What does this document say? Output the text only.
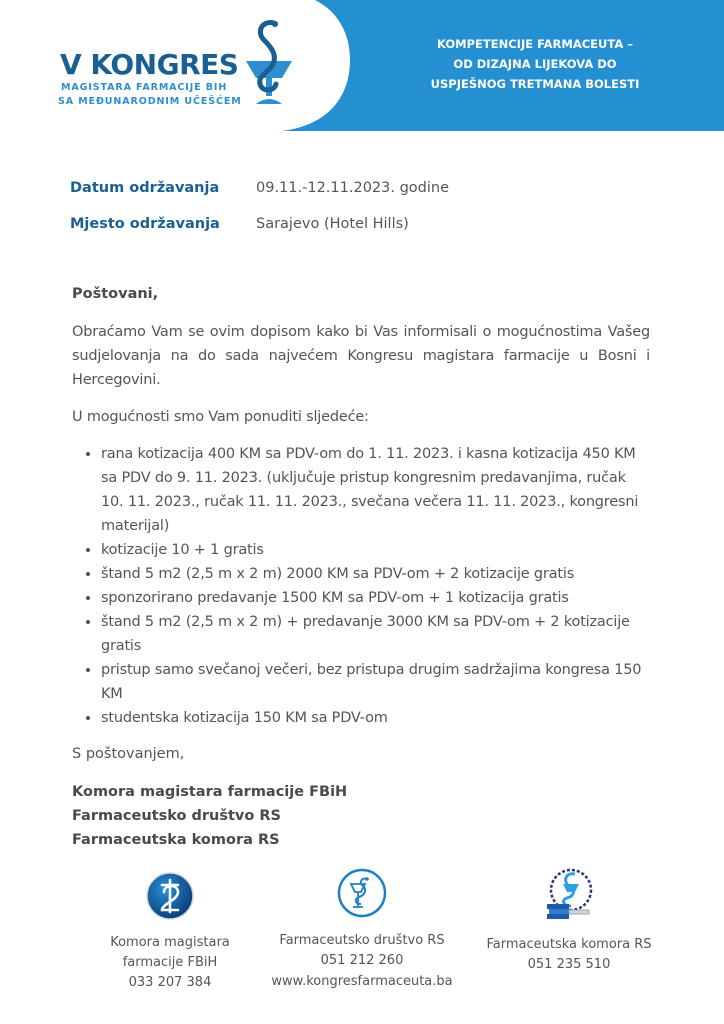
V KONGRES
MAGISTARA FARMACIJE BIH
SA MEĐUNARODNIM UČEŠĆEM
KOMPETENCIJE FARMACEUTA –
OD DIZAJNA LIJEKOVA DO
USPJEŠNOG TRETMANA BOLESTI
Datum održavanja	09.11.-12.11.2023. godine
Mjesto održavanja	Sarajevo (Hotel Hills)

Poštovani,

Obraćamo Vam se ovim dopisom kako bi Vas informisali o mogućnostima Vašeg sudjelovanja na do sada najvećem Kongresu magistara farmacije u Bosni i Hercegovini.

U mogućnosti smo Vam ponuditi sljedeće:

• rana kotizacija 400 KM sa PDV-om do 1. 11. 2023. i kasna kotizacija 450 KM sa PDV do 9. 11. 2023. (uključuje pristup kongresnim predavanjima, ručak 10. 11. 2023., ručak 11. 11. 2023., svečana večera 11. 11. 2023., kongresni materijal)
• kotizacije 10 + 1 gratis
• štand 5 m2 (2,5 m x 2 m) 2000 KM sa PDV-om + 2 kotizacije gratis
• sponzorirano predavanje 1500 KM sa PDV-om + 1 kotizacija gratis
• štand 5 m2 (2,5 m x 2 m) + predavanje 3000 KM sa PDV-om + 2 kotizacije gratis
• pristup samo svečanoj večeri, bez pristupa drugim sadržajima kongresa 150 KM
• studentska kotizacija 150 KM sa PDV-om

S poštovanjem,

Komora magistara farmacije FBiH
Farmaceutsko društvo RS
Farmaceutska komora RS
Komora magistara
farmacije FBiH
033 207 384
Farmaceutsko društvo RS
051 212 260
Farmaceutska komora RS
051 235 510
www.kongresfarmaceuta.ba
